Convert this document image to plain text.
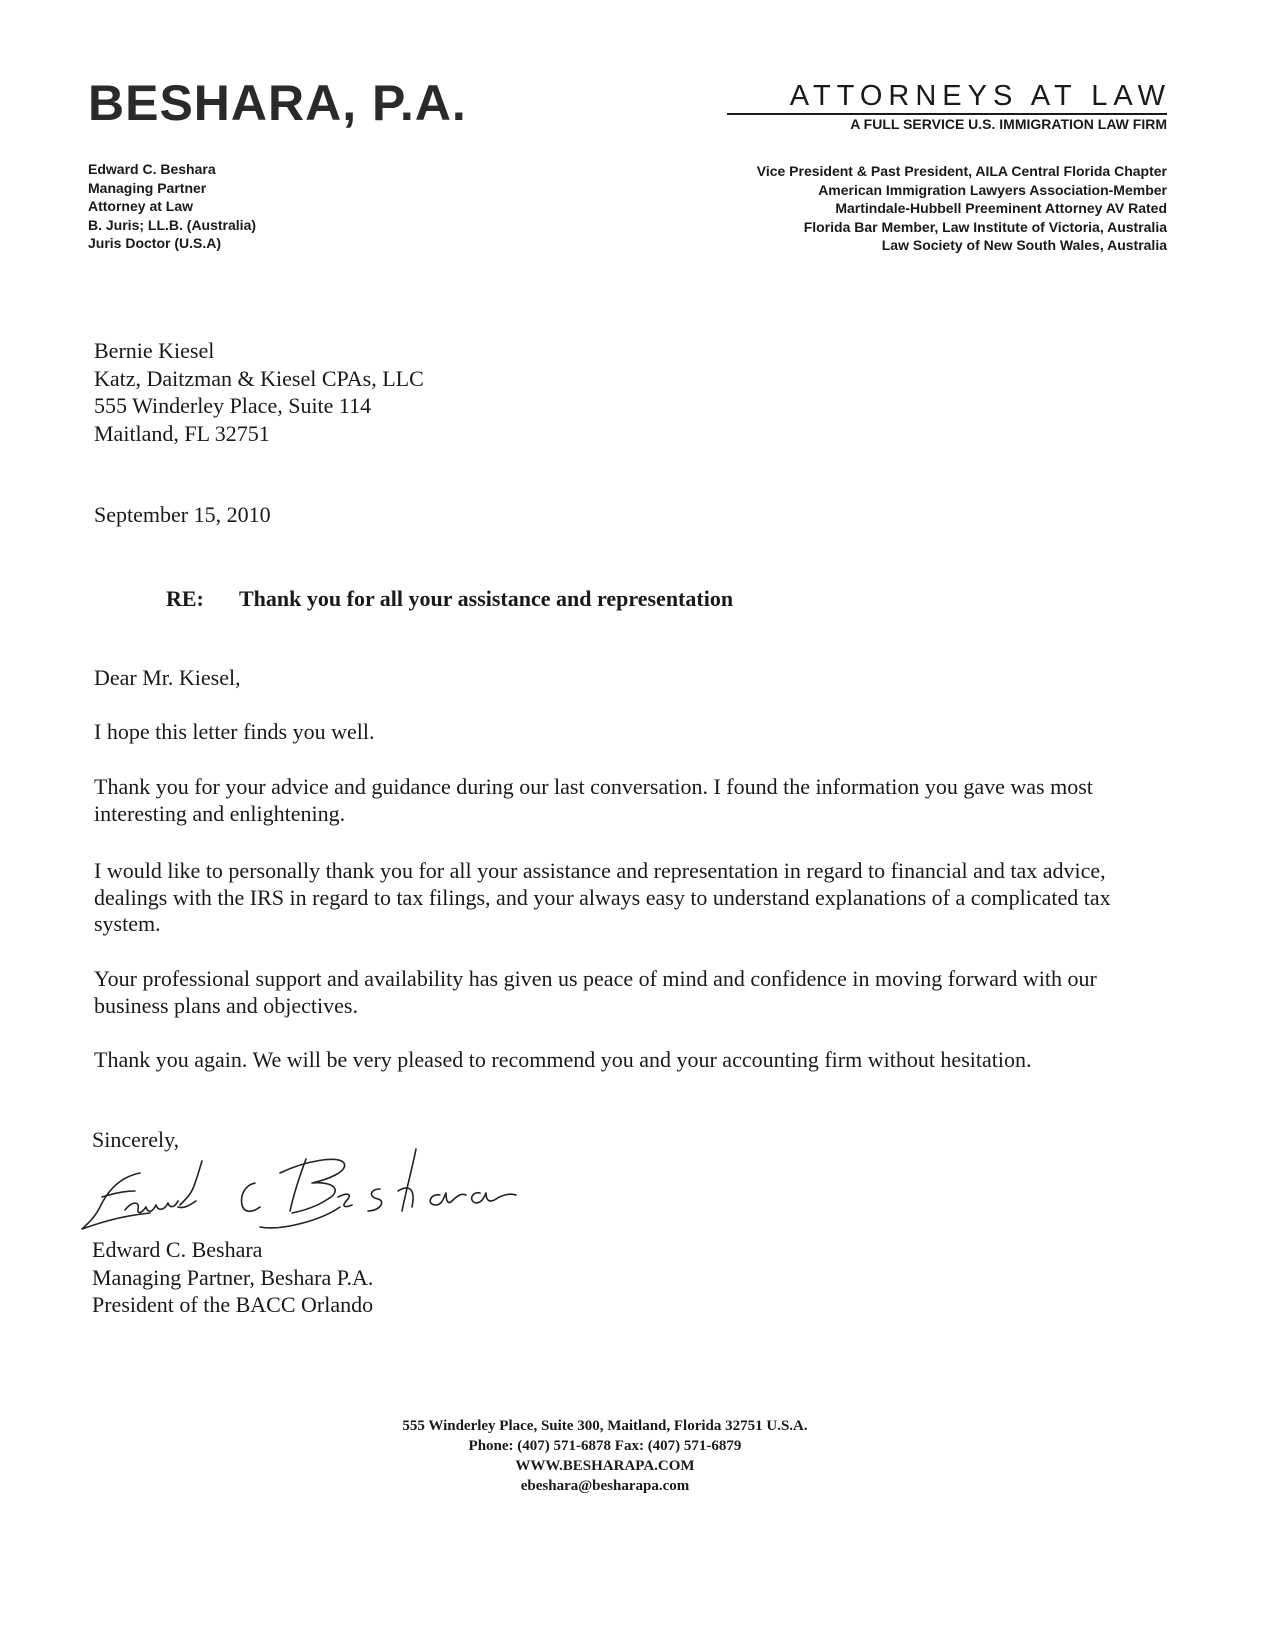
BESHARA, P.A.	ATTORNEYS AT LAW
A FULL SERVICE U.S. IMMIGRATION LAW FIRM
Edward C. Beshara
Managing Partner
Attorney at Law
B. Juris; LL.B. (Australia)
Juris Doctor (U.S.A)
Vice President & Past President, AILA Central Florida Chapter
American Immigration Lawyers Association-Member
Martindale-Hubbell Preeminent Attorney AV Rated
Florida Bar Member, Law Institute of Victoria, Australia
Law Society of New South Wales, Australia
Bernie Kiesel
Katz, Daitzman & Kiesel CPAs, LLC
555 Winderley Place, Suite 114
Maitland, FL 32751
September 15, 2010
RE: Thank you for all your assistance and representation
Dear Mr. Kiesel,
I hope this letter finds you well.
Thank you for your advice and guidance during our last conversation. I found the information you gave was most interesting and enlightening.
I would like to personally thank you for all your assistance and representation in regard to financial and tax advice, dealings with the IRS in regard to tax filings, and your always easy to understand explanations of a complicated tax system.
Your professional support and availability has given us peace of mind and confidence in moving forward with our business plans and objectives.
Thank you again. We will be very pleased to recommend you and your accounting firm without hesitation.
Sincerely,
Edward C. Beshara
Managing Partner, Beshara P.A.
President of the BACC Orlando
555 Winderley Place, Suite 300, Maitland, Florida 32751 U.S.A.
Phone: (407) 571-6878 Fax: (407) 571-6879
WWW.BESHARAPA.COM
ebeshara@besharapa.com
